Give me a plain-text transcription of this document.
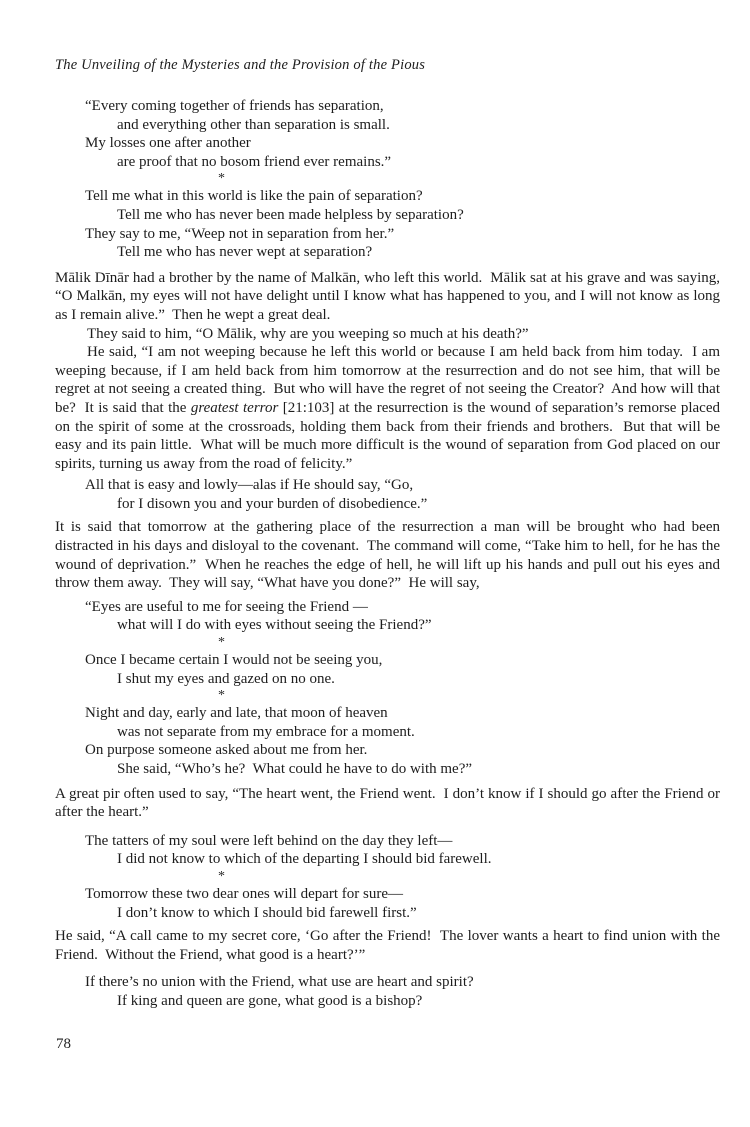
The Unveiling of the Mysteries and the Provision of the Pious
“Every coming together of friends has separation,
and everything other than separation is small.
My losses one after another
are proof that no bosom friend ever remains.”
*
Tell me what in this world is like the pain of separation?
Tell me who has never been made helpless by separation?
They say to me, “Weep not in separation from her.”
Tell me who has never wept at separation?

Mālik Dīnār had a brother by the name of Malkān, who left this world.  Mālik sat at his grave and was saying, “O Malkān, my eyes will not have delight until I know what has happened to you, and I will not know as long as I remain alive.”  Then he wept a great deal.

They said to him, “O Mālik, why are you weeping so much at his death?”

He said, “I am not weeping because he left this world or because I am held back from him today.  I am weeping because, if I am held back from him tomorrow at the resurrection and do not see him, that will be regret at not seeing a created thing.  But who will have the regret of not seeing the Creator?  And how will that be?  It is said that the greatest terror [21:103] at the resurrection is the wound of separation’s remorse placed on the spirit of some at the crossroads, holding them back from their friends and brothers.  But that will be easy and its pain little.  What will be much more difficult is the wound of separation from God placed on our spirits, turning us away from the road of felicity.”

All that is easy and lowly—alas if He should say, “Go,
for I disown you and your burden of disobedience.”

It is said that tomorrow at the gathering place of the resurrection a man will be brought who had been distracted in his days and disloyal to the covenant.  The command will come, “Take him to hell, for he has the wound of deprivation.”  When he reaches the edge of hell, he will lift up his hands and pull out his eyes and throw them away.  They will say, “What have you done?”  He will say,

“Eyes are useful to me for seeing the Friend —
what will I do with eyes without seeing the Friend?”
*
Once I became certain I would not be seeing you,
I shut my eyes and gazed on no one.
*
Night and day, early and late, that moon of heaven
was not separate from my embrace for a moment.
On purpose someone asked about me from her.
She said, “Who’s he?  What could he have to do with me?”

A great pir often used to say, “The heart went, the Friend went.  I don’t know if I should go after the Friend or after the heart.”

The tatters of my soul were left behind on the day they left—
I did not know to which of the departing I should bid farewell.
*
Tomorrow these two dear ones will depart for sure—
I don’t know to which I should bid farewell first.”

He said, “A call came to my secret core, ‘Go after the Friend!  The lover wants a heart to find union with the Friend.  Without the Friend, what good is a heart?’”

If there’s no union with the Friend, what use are heart and spirit?
If king and queen are gone, what good is a bishop?
78
